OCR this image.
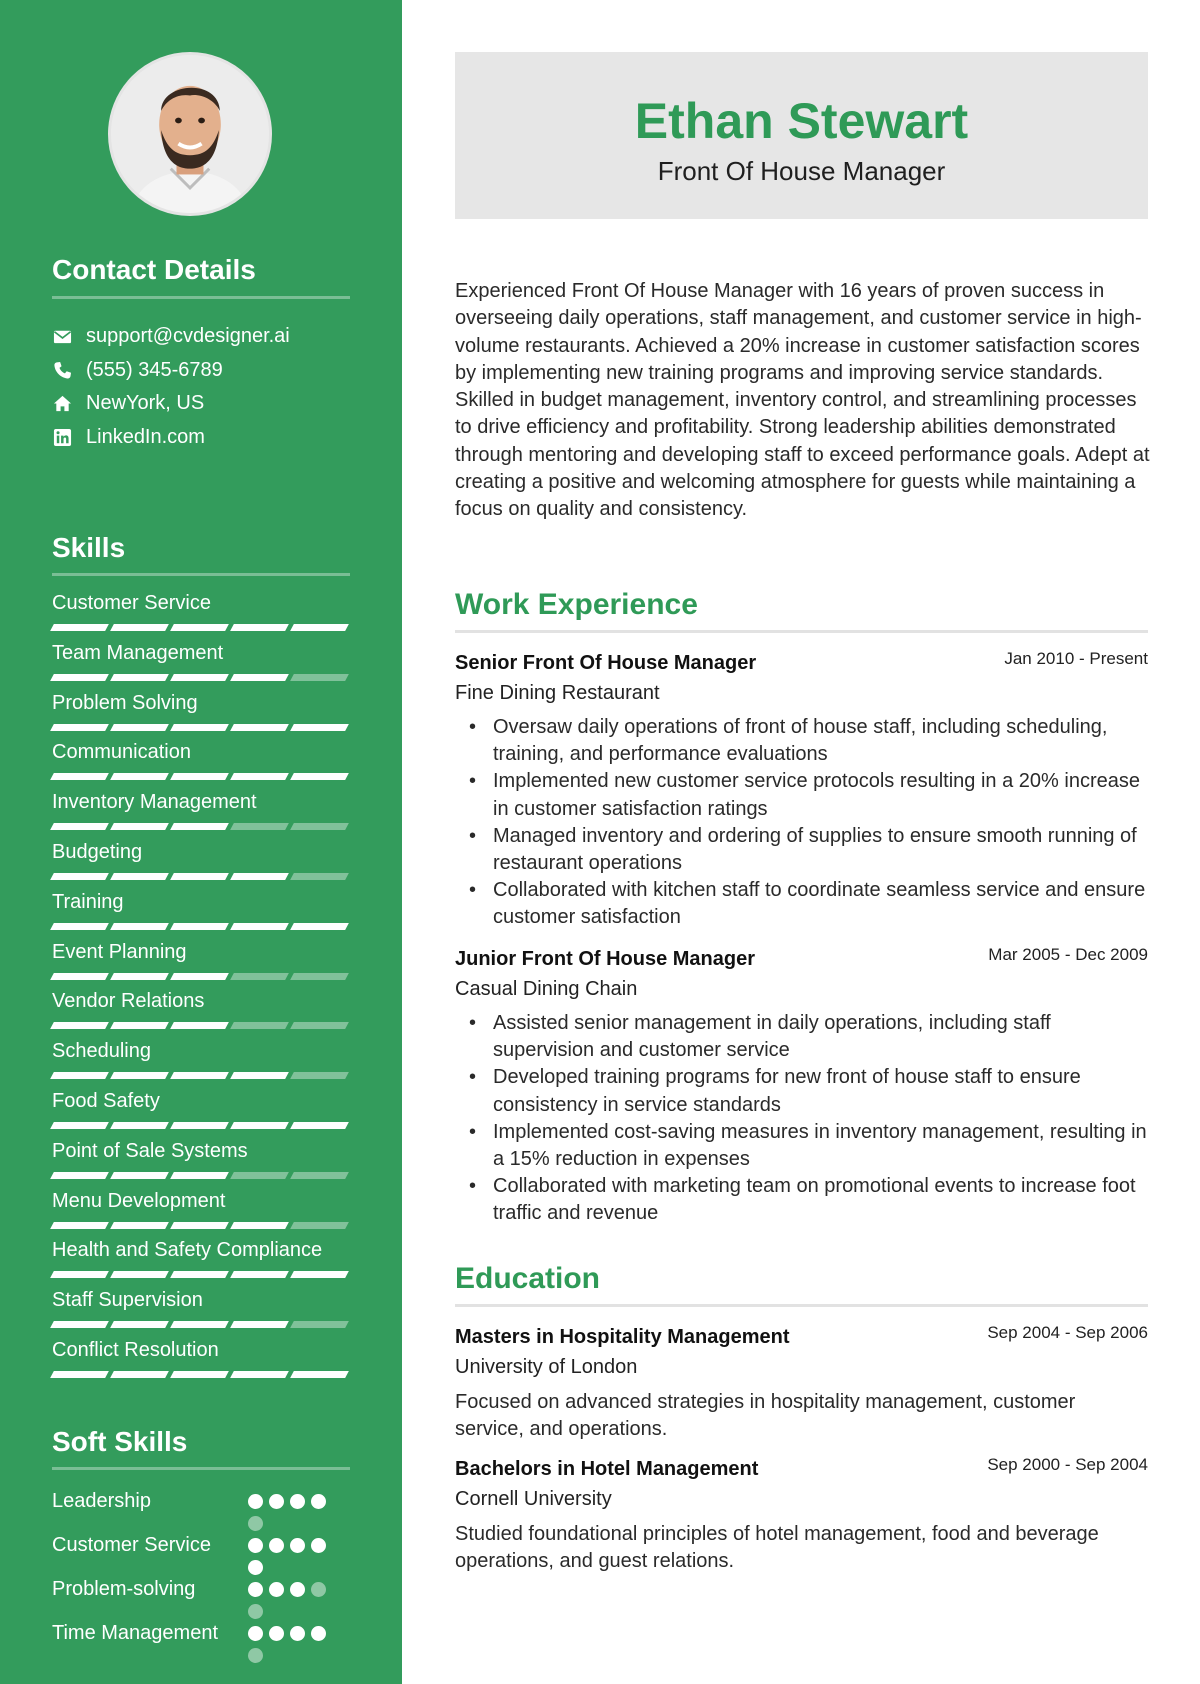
Contact Details
support@cvdesigner.ai
(555) 345-6789
NewYork, US
LinkedIn.com
Skills
Customer Service
Team Management
Problem Solving
Communication
Inventory Management
Budgeting
Training
Event Planning
Vendor Relations
Scheduling
Food Safety
Point of Sale Systems
Menu Development
Health and Safety Compliance
Staff Supervision
Conflict Resolution
Soft Skills
Leadership
Customer Service
Problem-solving
Time Management
Ethan Stewart
Front Of House Manager

Experienced Front Of House Manager with 16 years of proven success in overseeing daily operations, staff management, and customer service in high-volume restaurants. Achieved a 20% increase in customer satisfaction scores by implementing new training programs and improving service standards. Skilled in budget management, inventory control, and streamlining processes to drive efficiency and profitability. Strong leadership abilities demonstrated through mentoring and developing staff to exceed performance goals. Adept at creating a positive and welcoming atmosphere for guests while maintaining a focus on quality and consistency.

Work Experience
Senior Front Of House Manager	Jan 2010 - Present
Fine Dining Restaurant
• Oversaw daily operations of front of house staff, including scheduling, training, and performance evaluations
• Implemented new customer service protocols resulting in a 20% increase in customer satisfaction ratings
• Managed inventory and ordering of supplies to ensure smooth running of restaurant operations
• Collaborated with kitchen staff to coordinate seamless service and ensure customer satisfaction
Junior Front Of House Manager	Mar 2005 - Dec 2009
Casual Dining Chain
• Assisted senior management in daily operations, including staff supervision and customer service
• Developed training programs for new front of house staff to ensure consistency in service standards
• Implemented cost-saving measures in inventory management, resulting in a 15% reduction in expenses
• Collaborated with marketing team on promotional events to increase foot traffic and revenue
Education
Masters in Hospitality Management	Sep 2004 - Sep 2006
University of London

Focused on advanced strategies in hospitality management, customer service, and operations.

Bachelors in Hotel Management	Sep 2000 - Sep 2004
Cornell University

Studied foundational principles of hotel management, food and beverage operations, and guest relations.
